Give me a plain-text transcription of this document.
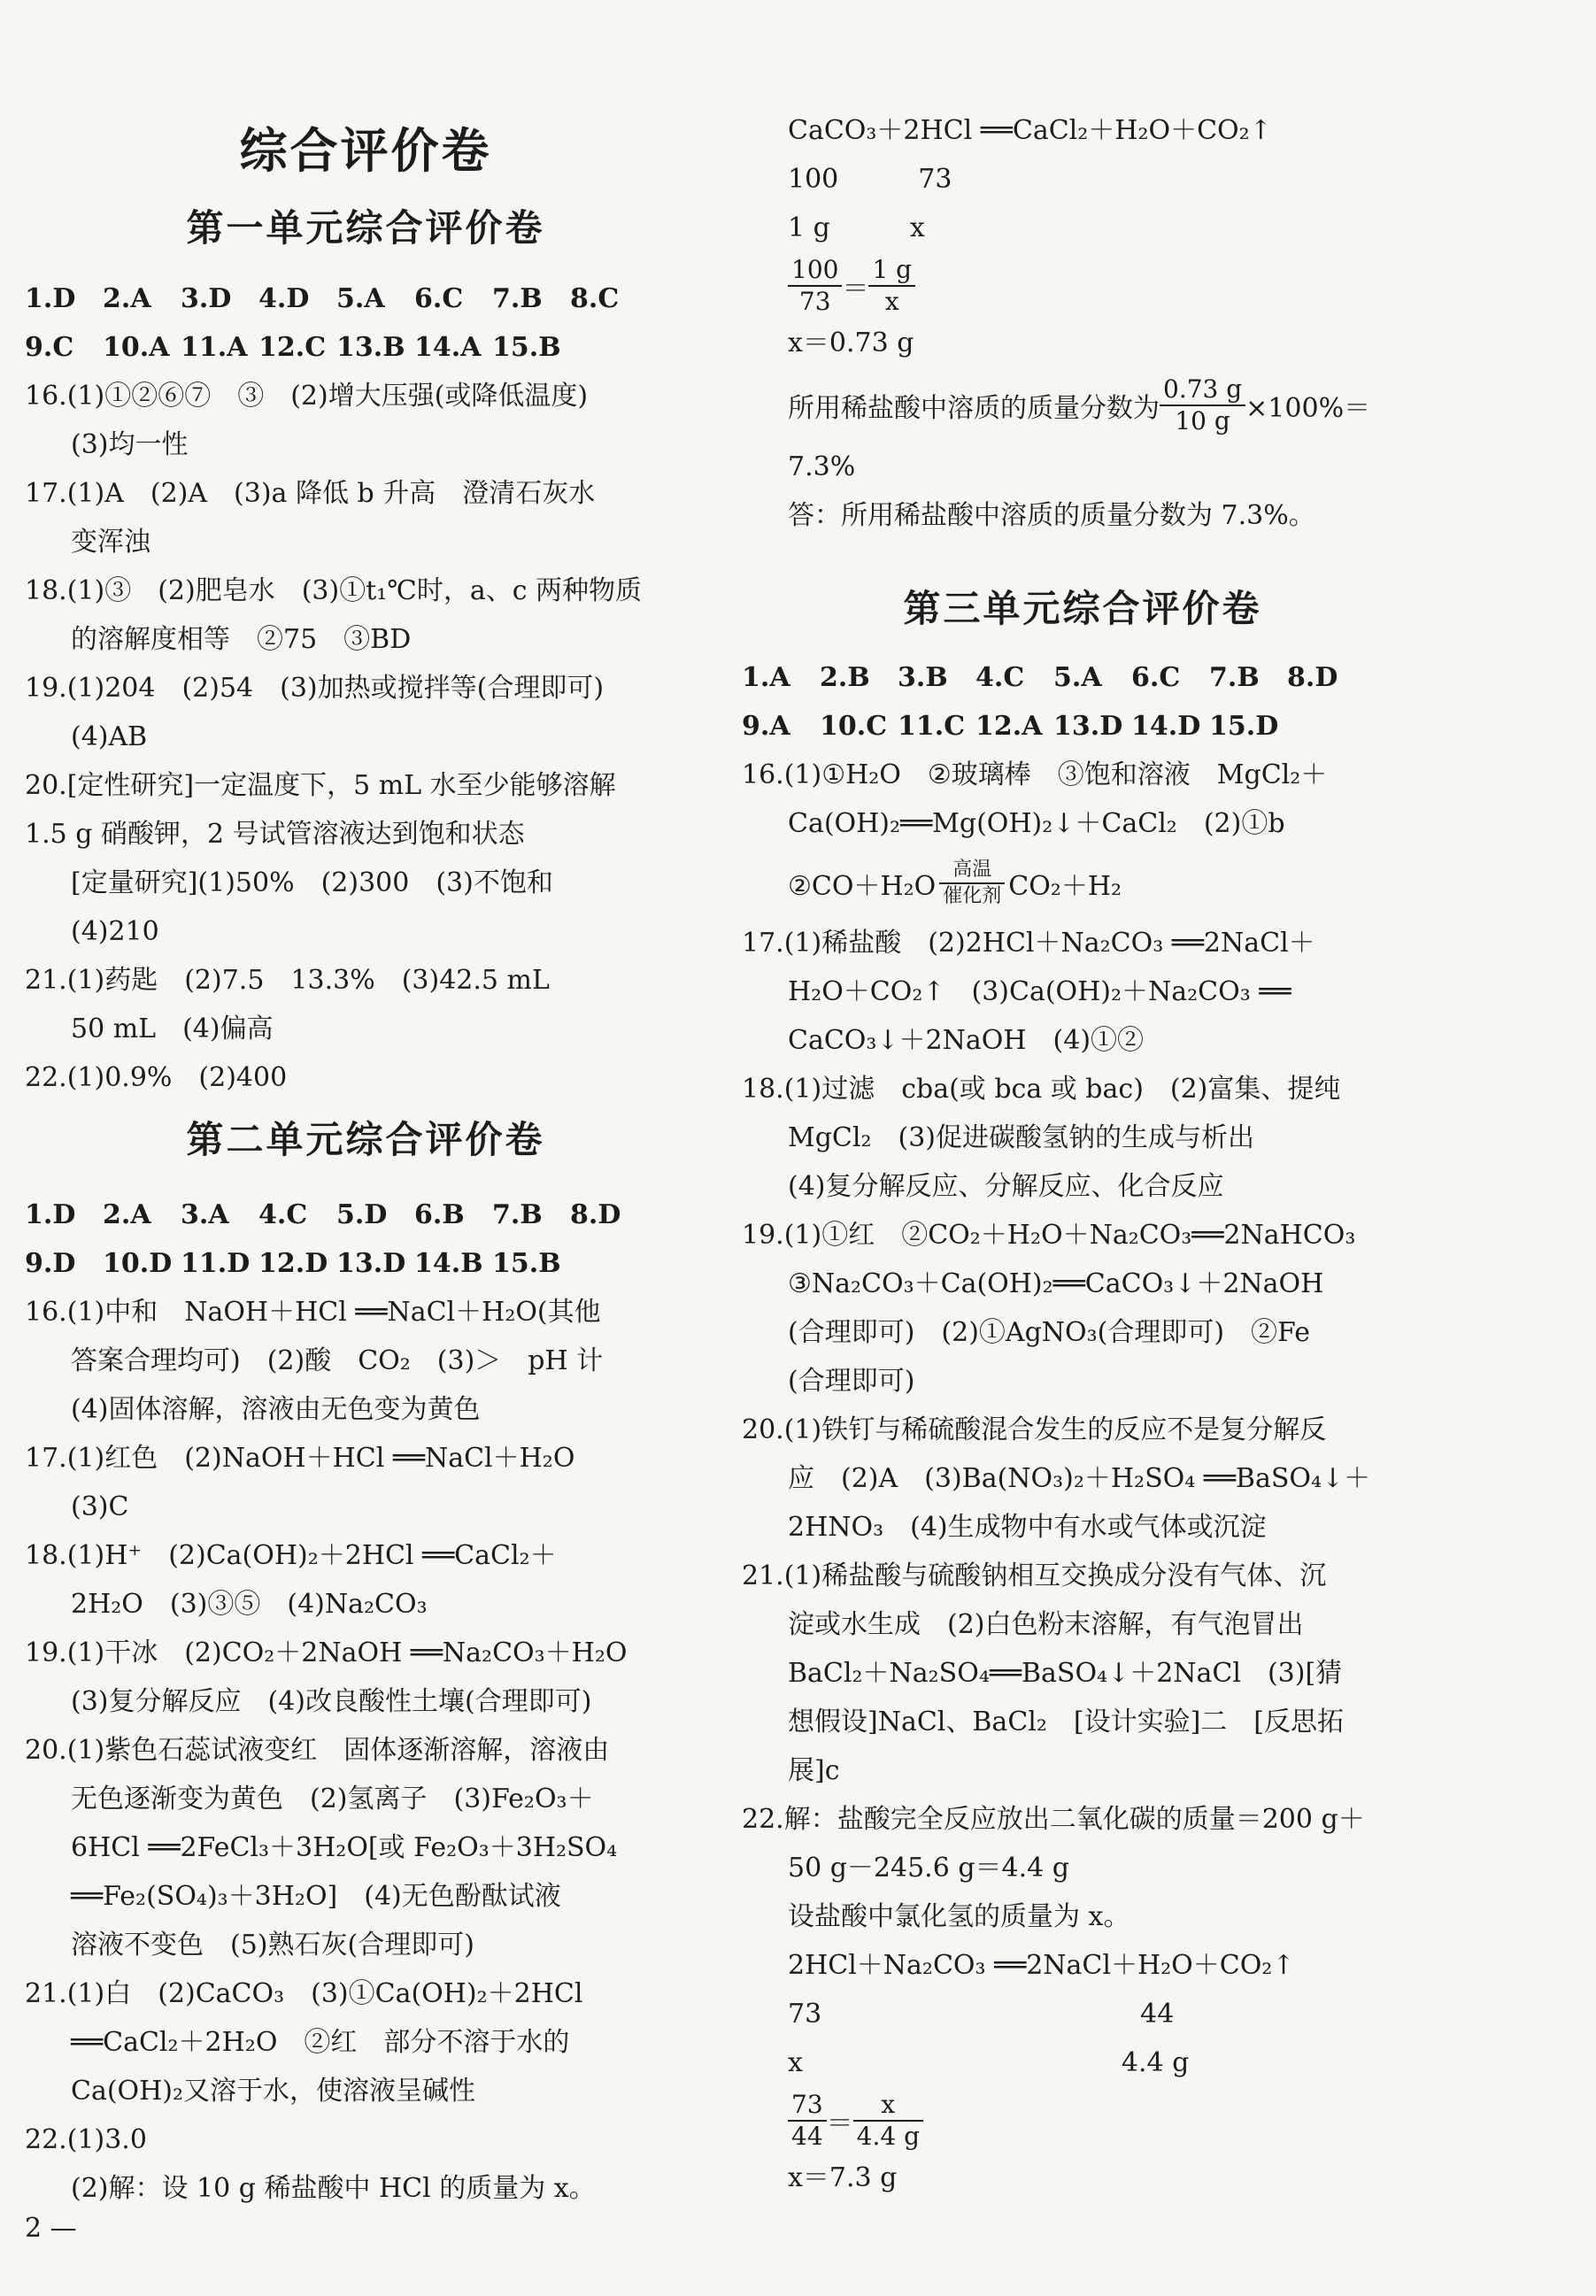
综合评价卷
第一单元综合评价卷
1.D	2.A	3.D	4.D	5.A	6.C	7.B	8.C
9.C	10.A 11.A 12.C 13.B 14.A 15.B
16.(1)①②⑥⑦　③　(2)增大压强(或降低温度)
(3)均一性
17.(1)A　(2)A　(3)a 降低 b 升高　澄清石灰水
变浑浊
18.(1)③　(2)肥皂水　(3)①t₁℃时，a、c 两种物质
的溶解度相等　②75　③BD
19.(1)204　(2)54　(3)加热或搅拌等(合理即可)
(4)AB
20.[定性研究]一定温度下，5 mL 水至少能够溶解
1.5 g 硝酸钾，2 号试管溶液达到饱和状态
[定量研究](1)50%　(2)300　(3)不饱和
(4)210
21.(1)药匙　(2)7.5　13.3%　(3)42.5 mL
50 mL　(4)偏高
22.(1)0.9%　(2)400
第二单元综合评价卷
1.D	2.A	3.A	4.C	5.D	6.B	7.B	8.D
9.D	10.D 11.D 12.D 13.D 14.B 15.B
16.(1)中和　NaOH＋HCl ══NaCl＋H₂O(其他
答案合理均可)　(2)酸　CO₂　(3)＞　pH 计
(4)固体溶解，溶液由无色变为黄色
17.(1)红色　(2)NaOH＋HCl ══NaCl＋H₂O
(3)C
18.(1)H⁺　(2)Ca(OH)₂＋2HCl ══CaCl₂＋
2H₂O　(3)③⑤　(4)Na₂CO₃
19.(1)干冰　(2)CO₂＋2NaOH ══Na₂CO₃＋H₂O
(3)复分解反应　(4)改良酸性土壤(合理即可)
20.(1)紫色石蕊试液变红　固体逐渐溶解，溶液由
无色逐渐变为黄色　(2)氢离子　(3)Fe₂O₃＋
6HCl ══2FeCl₃＋3H₂O[或 Fe₂O₃＋3H₂SO₄
══Fe₂(SO₄)₃＋3H₂O]　(4)无色酚酞试液
溶液不变色　(5)熟石灰(合理即可)
21.(1)白　(2)CaCO₃　(3)①Ca(OH)₂＋2HCl
══CaCl₂＋2H₂O　②红　部分不溶于水的
Ca(OH)₂又溶于水，使溶液呈碱性
22.(1)3.0
(2)解：设 10 g 稀盐酸中 HCl 的质量为 x。
2 —
CaCO₃＋2HCl ══CaCl₂＋H₂O＋CO₂↑
100　　　73
1 g　　　x
$\frac{100}{73} = \frac{1 g}{x}$
x＝0.73 g
所用稀盐酸中溶质的质量分数为 $\frac{0.73 g}{10 g} \times 100\%=$
7.3%
答：所用稀盐酸中溶质的质量分数为 7.3%。
第三单元综合评价卷
1.A	2.B	3.B	4.C	5.A	6.C	7.B	8.D
9.A	10.C 11.C 12.A 13.D 14.D 15.D
16.(1)①H₂O　②玻璃棒　③饱和溶液　MgCl₂＋
Ca(OH)₂══Mg(OH)₂↓＋CaCl₂　(2)①b
②CO＋H₂O $\frac{\text{高温}}{\text{催化剂}} CO_2+H_2$
17.(1)稀盐酸　(2)2HCl＋Na₂CO₃ ══2NaCl＋
H₂O＋CO₂↑　(3)Ca(OH)₂＋Na₂CO₃ ══
CaCO₃↓＋2NaOH　(4)①②
18.(1)过滤　cba(或 bca 或 bac)　(2)富集、提纯
MgCl₂　(3)促进碳酸氢钠的生成与析出
(4)复分解反应、分解反应、化合反应
19.(1)①红　②CO₂＋H₂O＋Na₂CO₃══2NaHCO₃
③Na₂CO₃＋Ca(OH)₂══CaCO₃↓＋2NaOH
(合理即可)　(2)①AgNO₃(合理即可)　②Fe
(合理即可)
20.(1)铁钉与稀硫酸混合发生的反应不是复分解反
应　(2)A　(3)Ba(NO₃)₂＋H₂SO₄ ══BaSO₄↓＋
2HNO₃　(4)生成物中有水或气体或沉淀
21.(1)稀盐酸与硫酸钠相互交换成分没有气体、沉
淀或水生成　(2)白色粉末溶解，有气泡冒出
BaCl₂＋Na₂SO₄══BaSO₄↓＋2NaCl　(3)[猜
想假设]NaCl、BaCl₂　[设计实验]二　[反思拓
展]c
22.解：盐酸完全反应放出二氧化碳的质量＝200 g＋
50 g－245.6 g＝4.4 g
设盐酸中氯化氢的质量为 x。
2HCl＋Na₂CO₃ ══2NaCl＋H₂O＋CO₂↑
73　　　　　　　　　　　　44
x　　　　　　　　　　　　4.4 g
$\frac{73}{44} = \frac{x}{4.4 g}$
x＝7.3 g
